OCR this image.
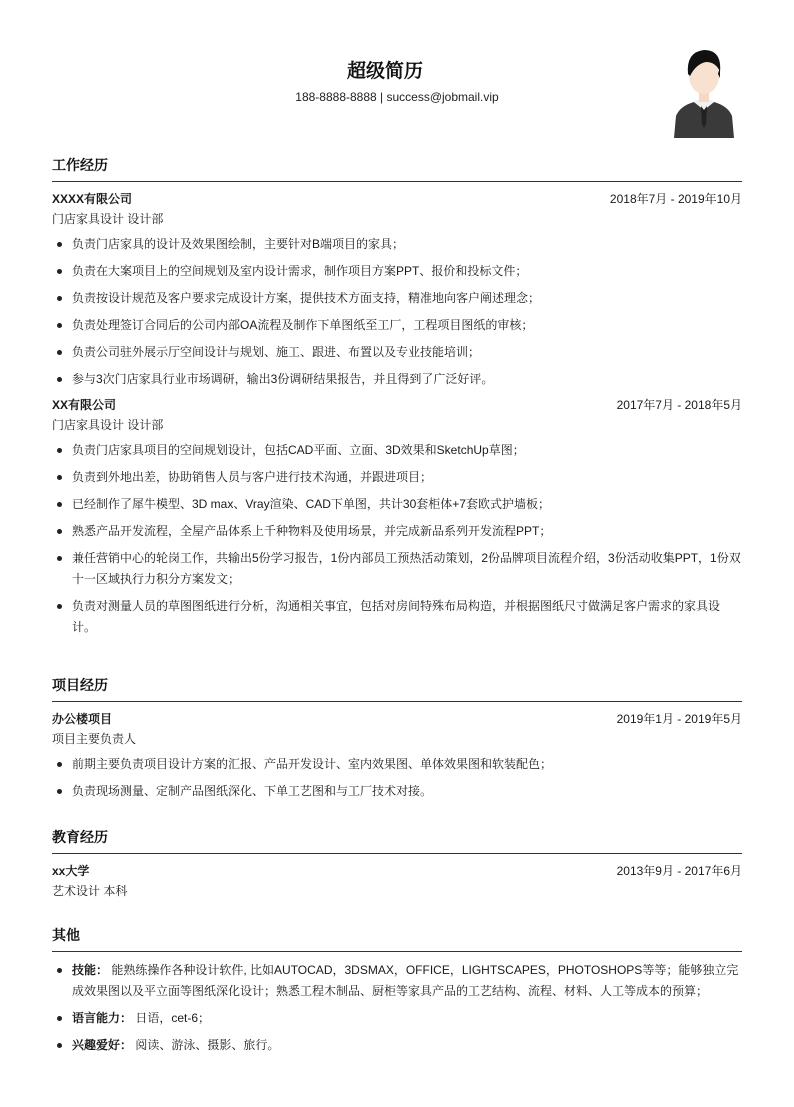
超级简历
188-8888-8888 | success@jobmail.vip
工作经历
XXXX有限公司	2018年7月 - 2019年10月
门店家具设计 设计部
负责门店家具的设计及效果图绘制，主要针对B端项目的家具；
负责在大案项目上的空间规划及室内设计需求，制作项目方案PPT、报价和投标文件；
负责按设计规范及客户要求完成设计方案，提供技术方面支持，精准地向客户阐述理念；
负责处理签订合同后的公司内部OA流程及制作下单图纸至工厂，工程项目图纸的审核；
负责公司驻外展示厅空间设计与规划、施工、跟进、布置以及专业技能培训；
参与3次门店家具行业市场调研，输出3份调研结果报告，并且得到了广泛好评。
XX有限公司	2017年7月 - 2018年5月
门店家具设计 设计部
负责门店家具项目的空间规划设计，包括CAD平面、立面、3D效果和SketchUp草图；
负责到外地出差，协助销售人员与客户进行技术沟通，并跟进项目；
已经制作了犀牛模型、3D max、Vray渲染、CAD下单图，共计30套柜体+7套欧式护墙板；
熟悉产品开发流程，全屋产品体系上千种物料及使用场景，并完成新品系列开发流程PPT；
兼任营销中心的轮岗工作，共输出5份学习报告，1份内部员工预热活动策划，2份品牌项目流程介绍，3份活动收集PPT，1份双十一区域执行力积分方案发文；
负责对测量人员的草图图纸进行分析，沟通相关事宜，包括对房间特殊布局构造，并根据图纸尺寸做满足客户需求的家具设计。
项目经历
办公楼项目	2019年1月 - 2019年5月
项目主要负责人
前期主要负责项目设计方案的汇报、产品开发设计、室内效果图、单体效果图和软装配色；
负责现场测量、定制产品图纸深化、下单工艺图和与工厂技术对接。
教育经历
xx大学	2013年9月 - 2017年6月
艺术设计 本科
其他
技能： 能熟练操作各种设计软件, 比如AUTOCAD，3DSMAX，OFFICE，LIGHTSCAPES，PHOTOSHOPS等等；能够独立完成效果图以及平立面等图纸深化设计；熟悉工程木制品、厨柜等家具产品的工艺结构、流程、材料、人工等成本的预算；
语言能力： 日语，cet-6；
兴趣爱好： 阅读、游泳、摄影、旅行。
